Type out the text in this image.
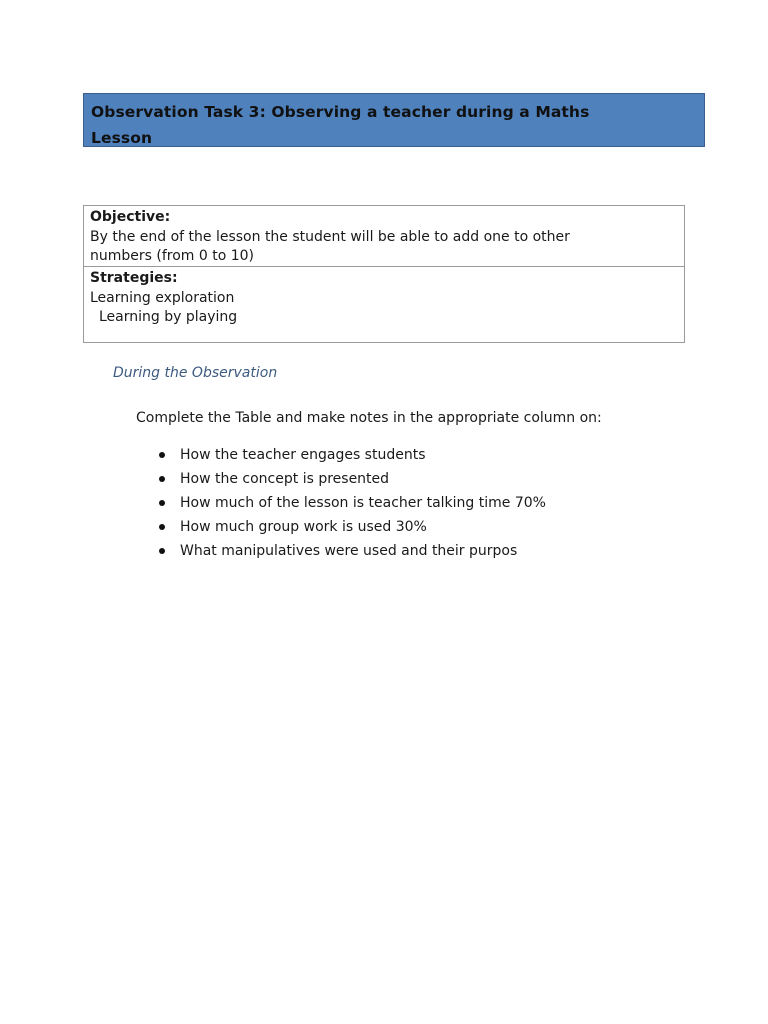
Observation Task 3: Observing a teacher during a Maths
Lesson
Objective:
By the end of the lesson the student will be able to add one to other
numbers (from 0 to 10)
Strategies:
Learning exploration
Learning by playing
During the Observation
Complete the Table and make notes in the appropriate column on:
How the teacher engages students
How the concept is presented
How much of the lesson is teacher talking time 70%
How much group work is used 30%
What manipulatives were used and their purpos
